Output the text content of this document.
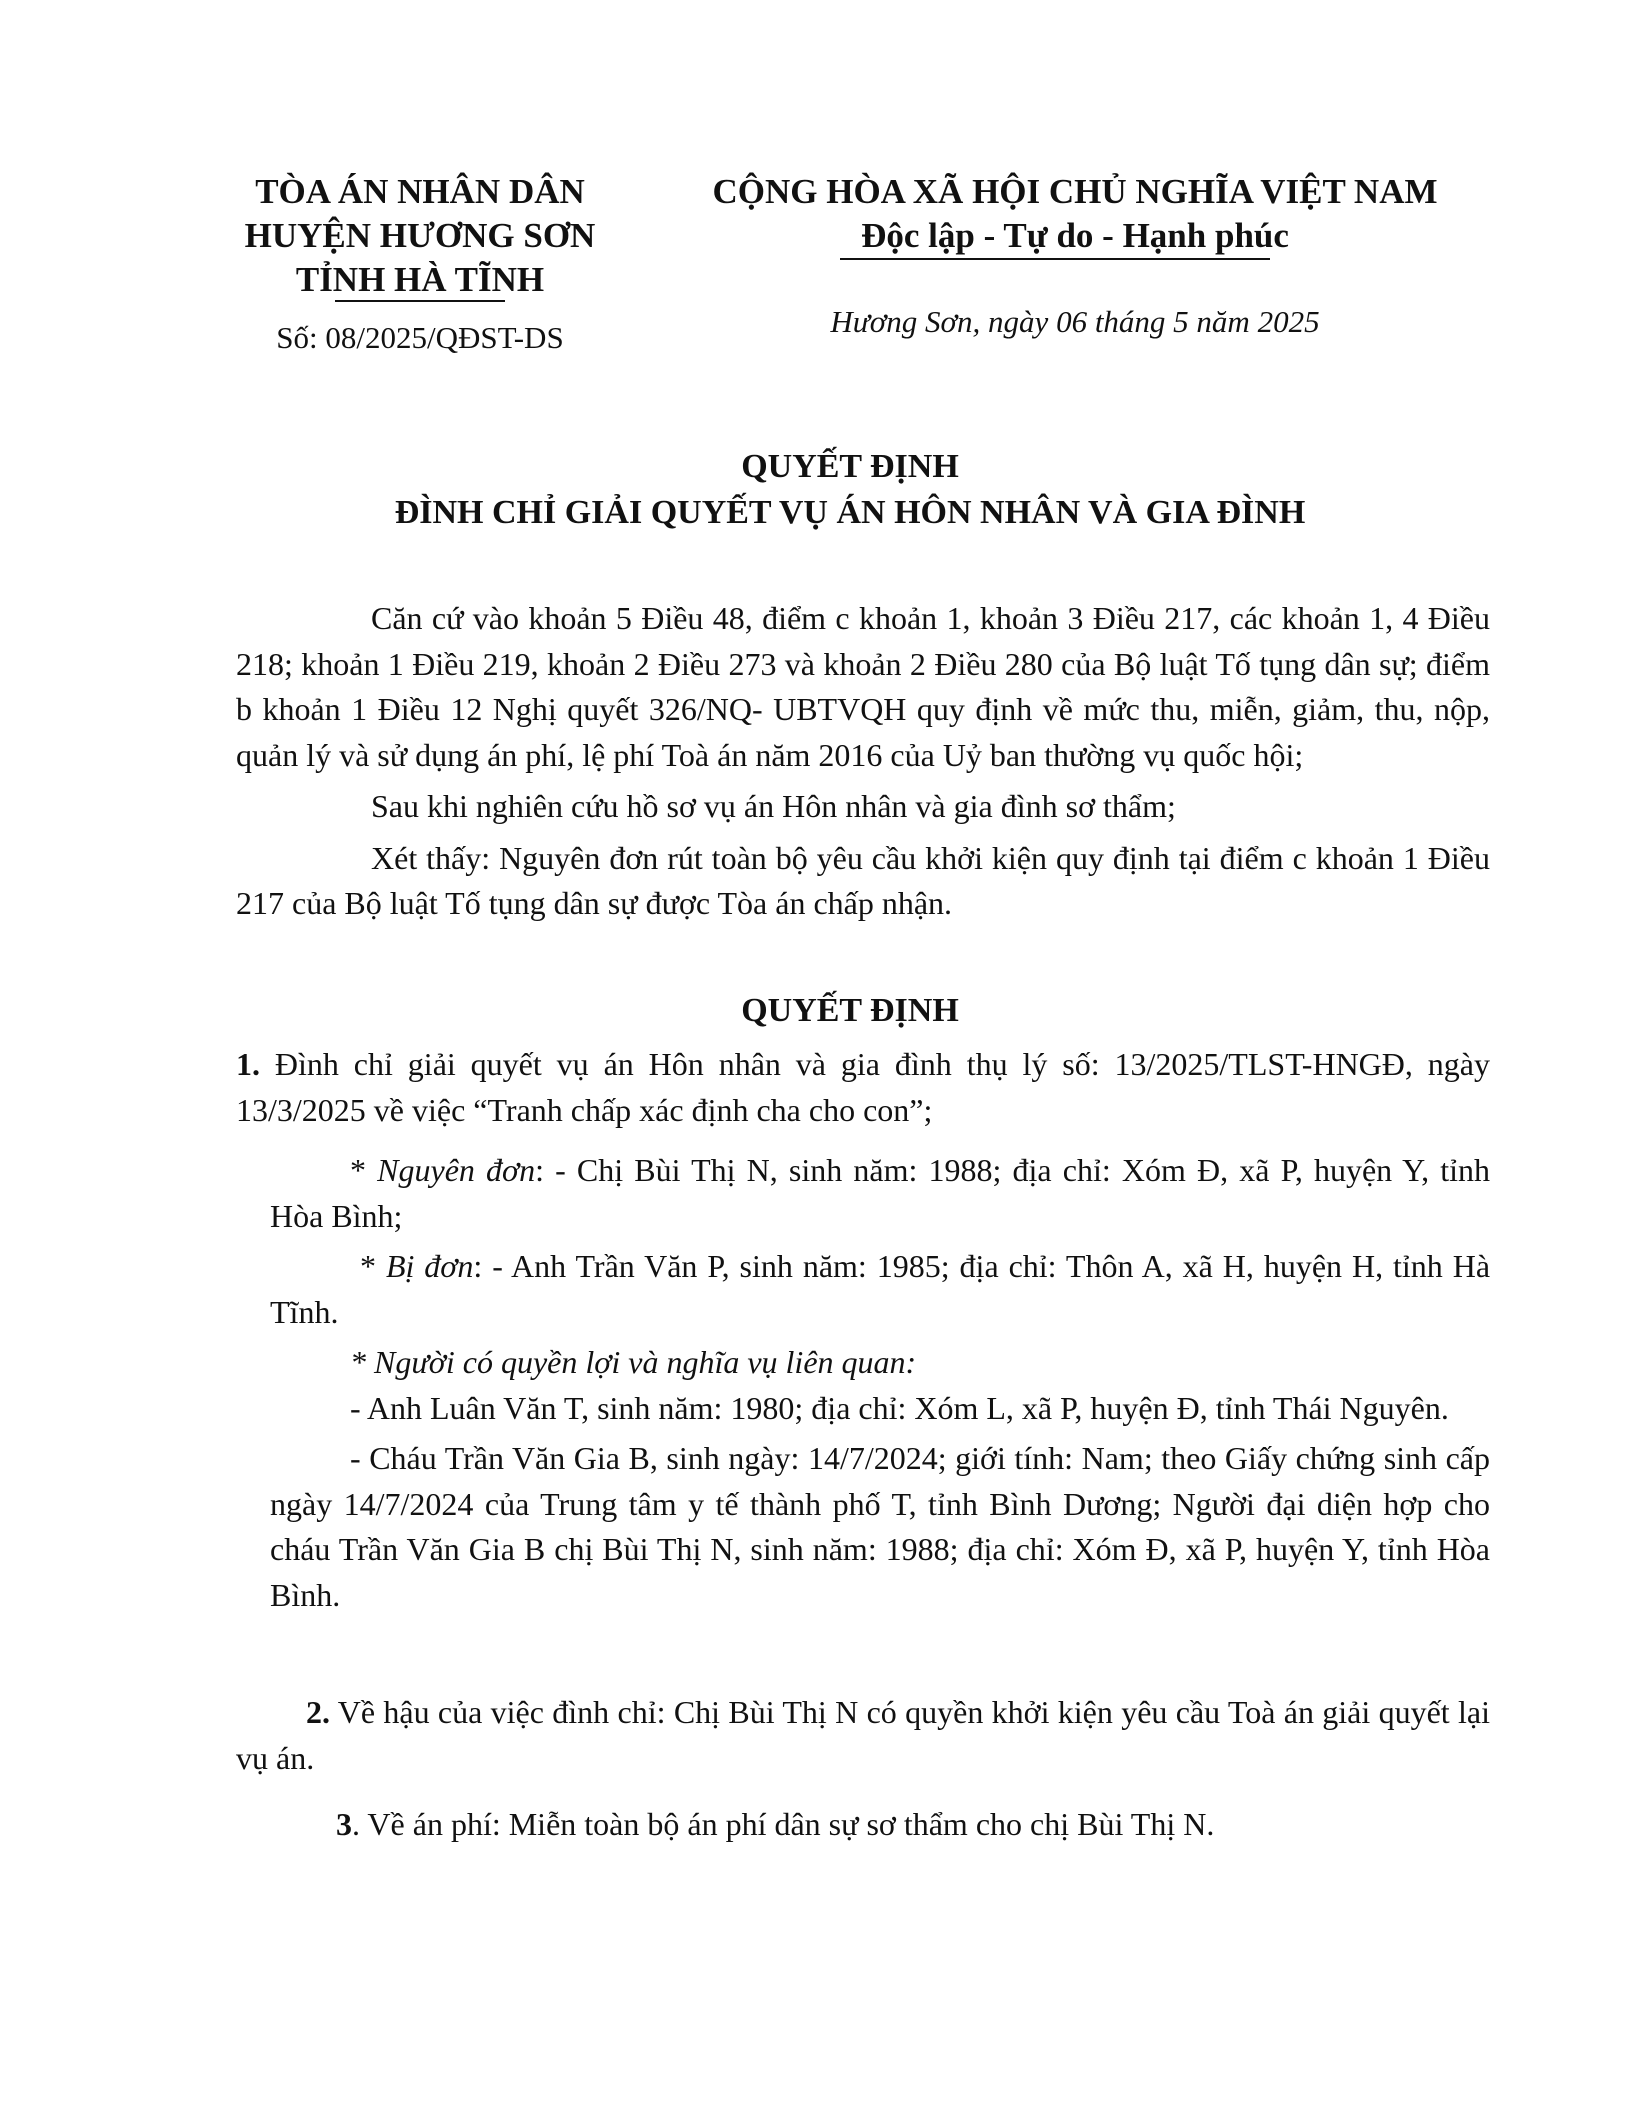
TÒA ÁN NHÂN DÂN
HUYỆN HƯƠNG SƠN
TỈNH HÀ TĨNH
Số: 08/2025/QĐST-DS
CỘNG HÒA XÃ HỘI CHỦ NGHĨA VIỆT NAM
Độc lập - Tự do - Hạnh phúc
Hương Sơn, ngày 06 tháng 5 năm 2025
QUYẾT ĐỊNH
ĐÌNH CHỈ GIẢI QUYẾT VỤ ÁN HÔN NHÂN VÀ GIA ĐÌNH

Căn cứ vào khoản 5 Điều 48, điểm c khoản 1, khoản 3 Điều 217, các khoản 1, 4 Điều 218; khoản 1 Điều 219, khoản 2 Điều 273 và khoản 2 Điều 280 của Bộ luật Tố tụng dân sự; điểm b khoản 1 Điều 12 Nghị quyết 326/NQ- UBTVQH quy định về mức thu, miễn, giảm, thu, nộp, quản lý và sử dụng án phí, lệ phí Toà án năm 2016 của Uỷ ban thường vụ quốc hội;

Sau khi nghiên cứu hồ sơ vụ án Hôn nhân và gia đình sơ thẩm;

Xét thấy: Nguyên đơn rút toàn bộ yêu cầu khởi kiện quy định tại điểm c khoản 1 Điều 217 của Bộ luật Tố tụng dân sự được Tòa án chấp nhận.

QUYẾT ĐỊNH

1. Đình chỉ giải quyết vụ án Hôn nhân và gia đình thụ lý số: 13/2025/TLST-HNGĐ, ngày 13/3/2025 về việc “Tranh chấp xác định cha cho con”;

* Nguyên đơn: - Chị Bùi Thị N, sinh năm: 1988; địa chỉ: Xóm Đ, xã P, huyện Y, tỉnh Hòa Bình;

* Bị đơn: - Anh Trần Văn P, sinh năm: 1985; địa chỉ: Thôn A, xã H, huyện H, tỉnh Hà Tĩnh.

* Người có quyền lợi và nghĩa vụ liên quan:

- Anh Luân Văn T, sinh năm: 1980; địa chỉ: Xóm L, xã P, huyện Đ, tỉnh Thái Nguyên.

- Cháu Trần Văn Gia B, sinh ngày: 14/7/2024; giới tính: Nam; theo Giấy chứng sinh cấp ngày 14/7/2024 của Trung tâm y tế thành phố T, tỉnh Bình Dương; Người đại diện hợp cho cháu Trần Văn Gia B chị Bùi Thị N, sinh năm: 1988; địa chỉ: Xóm Đ, xã P, huyện Y, tỉnh Hòa Bình.

2. Về hậu của việc đình chỉ: Chị Bùi Thị N có quyền khởi kiện yêu cầu Toà án giải quyết lại vụ án.

3. Về án phí: Miễn toàn bộ án phí dân sự sơ thẩm cho chị Bùi Thị N.
